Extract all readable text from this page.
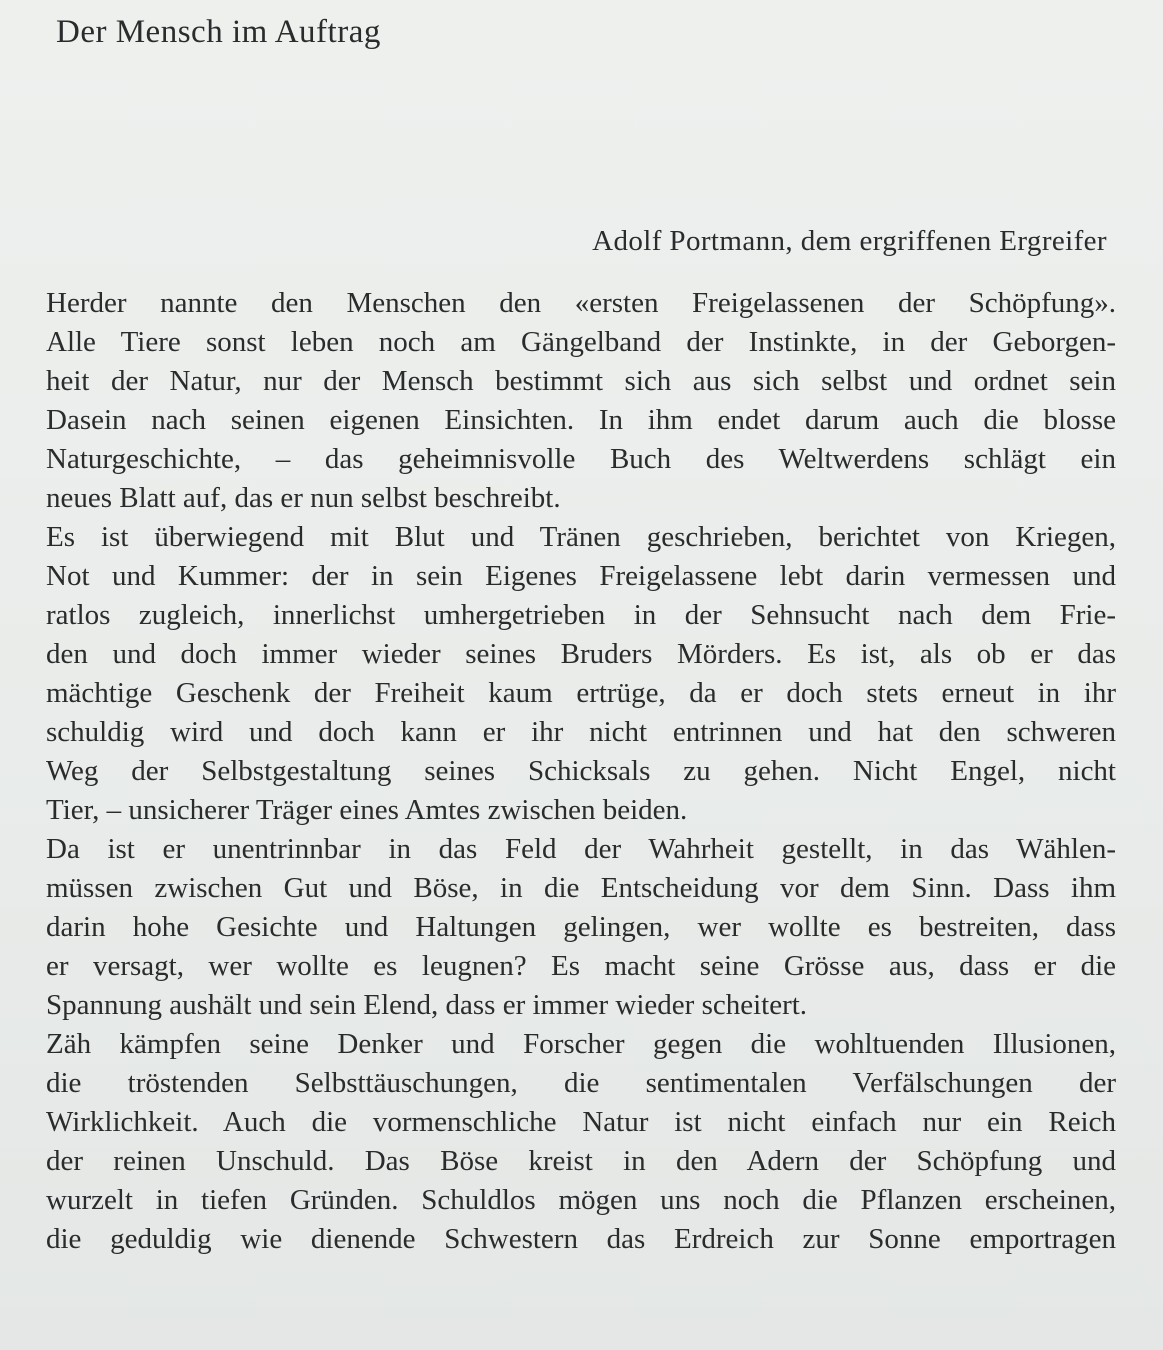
Der Mensch im Auftrag
Adolf Portmann, dem ergriffenen Ergreifer
Herder nannte den Menschen den «ersten Freigelassenen der Schöpfung».
Alle Tiere sonst leben noch am Gängelband der Instinkte, in der Geborgen-
heit der Natur, nur der Mensch bestimmt sich aus sich selbst und ordnet sein
Dasein nach seinen eigenen Einsichten. In ihm endet darum auch die blosse
Naturgeschichte, – das geheimnisvolle Buch des Weltwerdens schlägt ein
neues Blatt auf, das er nun selbst beschreibt.
Es ist überwiegend mit Blut und Tränen geschrieben, berichtet von Kriegen,
Not und Kummer: der in sein Eigenes Freigelassene lebt darin vermessen und
ratlos zugleich, innerlichst umhergetrieben in der Sehnsucht nach dem Frie-
den und doch immer wieder seines Bruders Mörders. Es ist, als ob er das
mächtige Geschenk der Freiheit kaum ertrüge, da er doch stets erneut in ihr
schuldig wird und doch kann er ihr nicht entrinnen und hat den schweren
Weg der Selbstgestaltung seines Schicksals zu gehen. Nicht Engel, nicht
Tier, – unsicherer Träger eines Amtes zwischen beiden.
Da ist er unentrinnbar in das Feld der Wahrheit gestellt, in das Wählen-
müssen zwischen Gut und Böse, in die Entscheidung vor dem Sinn. Dass ihm
darin hohe Gesichte und Haltungen gelingen, wer wollte es bestreiten, dass
er versagt, wer wollte es leugnen? Es macht seine Grösse aus, dass er die
Spannung aushält und sein Elend, dass er immer wieder scheitert.
Zäh kämpfen seine Denker und Forscher gegen die wohltuenden Illusionen,
die tröstenden Selbsttäuschungen, die sentimentalen Verfälschungen der
Wirklichkeit. Auch die vormenschliche Natur ist nicht einfach nur ein Reich
der reinen Unschuld. Das Böse kreist in den Adern der Schöpfung und
wurzelt in tiefen Gründen. Schuldlos mögen uns noch die Pflanzen erscheinen,
die geduldig wie dienende Schwestern das Erdreich zur Sonne emportragen
